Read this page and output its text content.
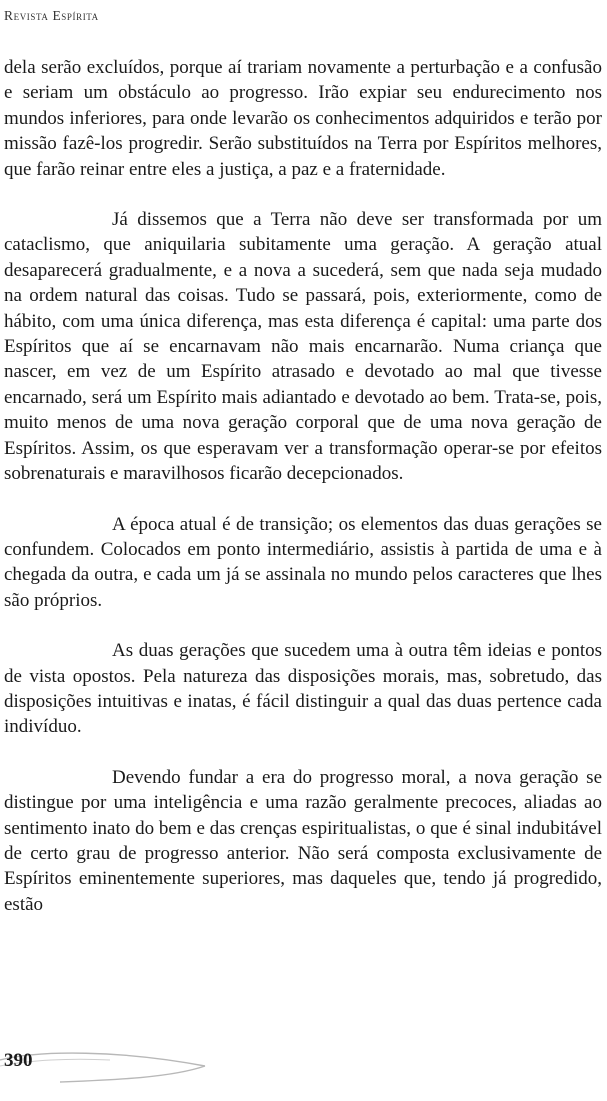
Revista Espírita

dela serão excluídos, porque aí trariam novamente a perturbação e a confusão e seriam um obstáculo ao progresso. Irão expiar seu endurecimento nos mundos inferiores, para onde levarão os conhecimentos adquiridos e terão por missão fazê-los progredir. Serão substituídos na Terra por Espíritos melhores, que farão reinar entre eles a justiça, a paz e a fraternidade.

Já dissemos que a Terra não deve ser transformada por um cataclismo, que aniquilaria subitamente uma geração. A geração atual desaparecerá gradualmente, e a nova a sucederá, sem que nada seja mudado na ordem natural das coisas. Tudo se passará, pois, exteriormente, como de hábito, com uma única diferença, mas esta diferença é capital: uma parte dos Espíritos que aí se encarnavam não mais encarnarão. Numa criança que nascer, em vez de um Espírito atrasado e devotado ao mal que tivesse encarnado, será um Espírito mais adiantado e devotado ao bem. Trata-se, pois, muito menos de uma nova geração corporal que de uma nova geração de Espíritos. Assim, os que esperavam ver a transformação operar-se por efeitos sobrenaturais e maravilhosos ficarão decepcionados.

A época atual é de transição; os elementos das duas gerações se confundem. Colocados em ponto intermediário, assistis à partida de uma e à chegada da outra, e cada um já se assinala no mundo pelos caracteres que lhes são próprios.

As duas gerações que sucedem uma à outra têm ideias e pontos de vista opostos. Pela natureza das disposições morais, mas, sobretudo, das disposições intuitivas e inatas, é fácil distinguir a qual das duas pertence cada indivíduo.

Devendo fundar a era do progresso moral, a nova geração se distingue por uma inteligência e uma razão geralmente precoces, aliadas ao sentimento inato do bem e das crenças espiritualistas, o que é sinal indubitável de certo grau de progresso anterior. Não será composta exclusivamente de Espíritos eminentemente superiores, mas daqueles que, tendo já progredido, estão

390
